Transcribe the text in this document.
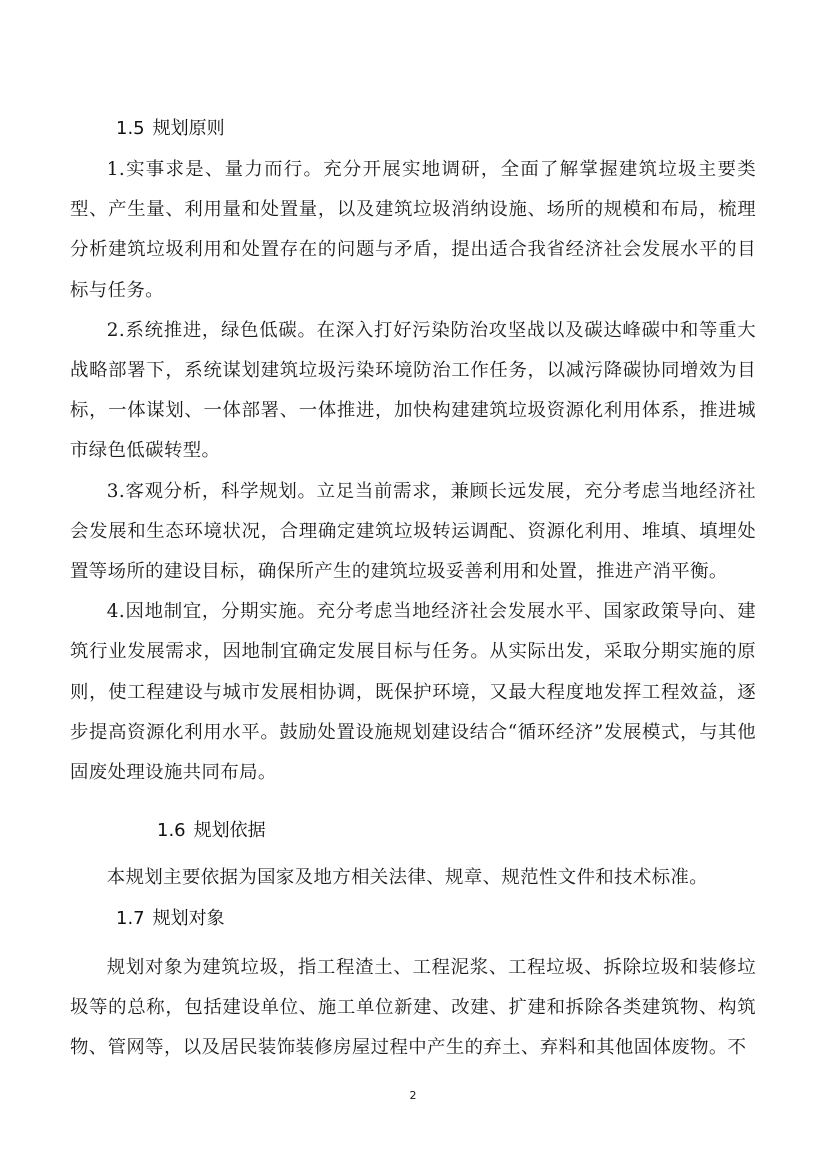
1.5 规划原则

1.实事求是、量力而行。充分开展实地调研，全面了解掌握建筑垃圾主要类型、产生量、利用量和处置量，以及建筑垃圾消纳设施、场所的规模和布局，梳理分析建筑垃圾利用和处置存在的问题与矛盾，提出适合我省经济社会发展水平的目标与任务。

2.系统推进，绿色低碳。在深入打好污染防治攻坚战以及碳达峰碳中和等重大战略部署下，系统谋划建筑垃圾污染环境防治工作任务，以减污降碳协同增效为目标，一体谋划、一体部署、一体推进，加快构建建筑垃圾资源化利用体系，推进城市绿色低碳转型。

3.客观分析，科学规划。立足当前需求，兼顾长远发展，充分考虑当地经济社会发展和生态环境状况，合理确定建筑垃圾转运调配、资源化利用、堆填、填埋处置等场所的建设目标，确保所产生的建筑垃圾妥善利用和处置，推进产消平衡。

4.因地制宜，分期实施。充分考虑当地经济社会发展水平、国家政策导向、建筑行业发展需求，因地制宜确定发展目标与任务。从实际出发，采取分期实施的原则，使工程建设与城市发展相协调，既保护环境，又最大程度地发挥工程效益，逐步提高资源化利用水平。鼓励处置设施规划建设结合“循环经济”发展模式，与其他固废处理设施共同布局。

1.6 规划依据

本规划主要依据为国家及地方相关法律、规章、规范性文件和技术标准。

1.7 规划对象

规划对象为建筑垃圾，指工程渣土、工程泥浆、工程垃圾、拆除垃圾和装修垃圾等的总称，包括建设单位、施工单位新建、改建、扩建和拆除各类建筑物、构筑物、管网等，以及居民装饰装修房屋过程中产生的弃土、弃料和其他固体废物。不

2
